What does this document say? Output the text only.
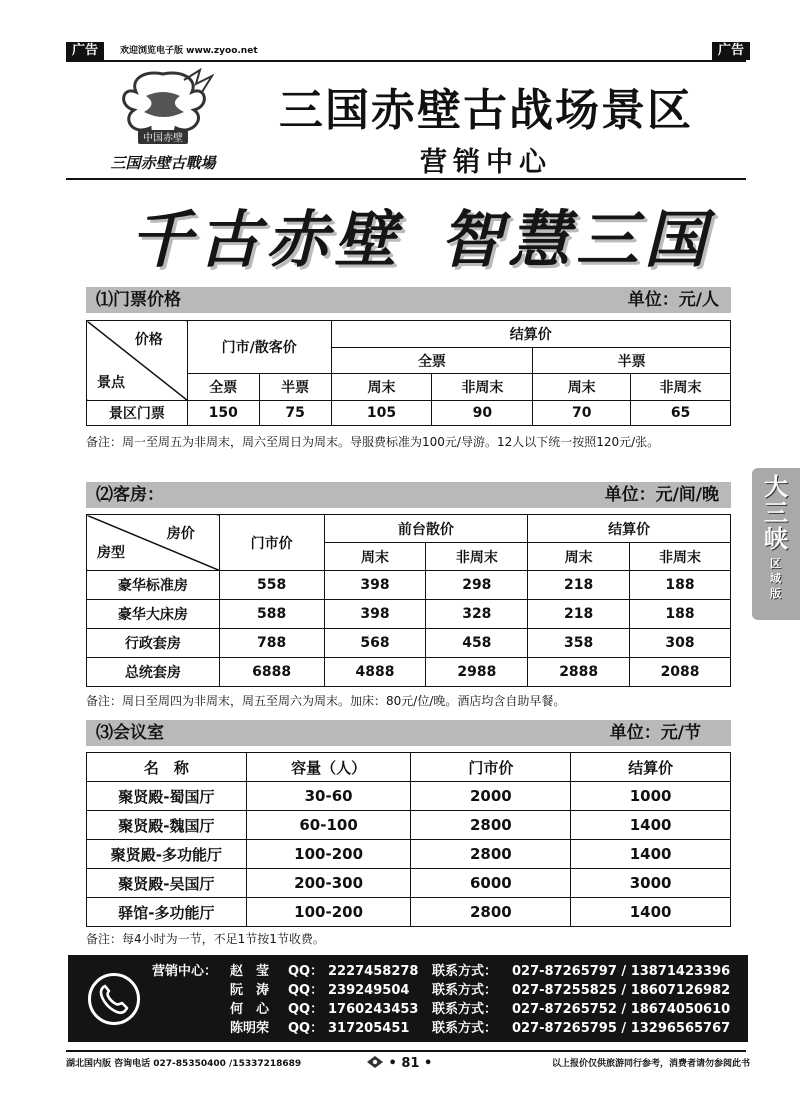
广告	欢迎浏览电子版 www.zyoo.net	广告
中国赤壁
三国赤壁古戰場
三国赤壁古战场景区
营销中心
千古赤壁 智慧三国
⑴门票价格	单位：元/人
价格
景点	门市/散客价		结算价			
			全票		半票	
	全票	半票	周末	非周末	周末	非周末
景区门票	150	75	105	90	70	65
备注：周一至周五为非周末，周六至周日为周末。导服费标准为100元/导游。12人以下统一按照120元/张。
⑵客房：	单位：元/间/晚
房价
房型	门市价	前台散价		结算价	
		周末	非周末	周末	非周末
豪华标准房	558	398	298	218	188
豪华大床房	588	398	328	218	188
行政套房	788	568	458	358	308
总统套房	6888	4888	2988	2888	2088
备注：周日至周四为非周末，周五至周六为周末。加床：80元/位/晚。酒店均含自助早餐。
⑶会议室	单位：元/节
名　称	容量（人）	门市价	结算价
聚贤殿-蜀国厅	30-60	2000	1000
聚贤殿-魏国厅	60-100	2800	1400
聚贤殿-多功能厅	100-200	2800	1400
聚贤殿-吴国厅	200-300	6000	3000
驿馆-多功能厅	100-200	2800	1400
备注：每4小时为一节，不足1节按1节收费。
大三峡
区域版
营销中心： 赵　莹 QQ： 2227458278 联系方式： 027-87265797 / 13871423396
阮　涛 QQ： 239249504 联系方式： 027-87255825 / 18607126982
何　心 QQ： 1760243453 联系方式： 027-87265752 / 18674050610
陈明荣 QQ： 317205451 联系方式： 027-87265795 / 13296565767
湖北国内版 咨询电话 027-85350400 /15337218689	• 81 •	以上报价仅供旅游同行参考，消费者请勿参阅此书
